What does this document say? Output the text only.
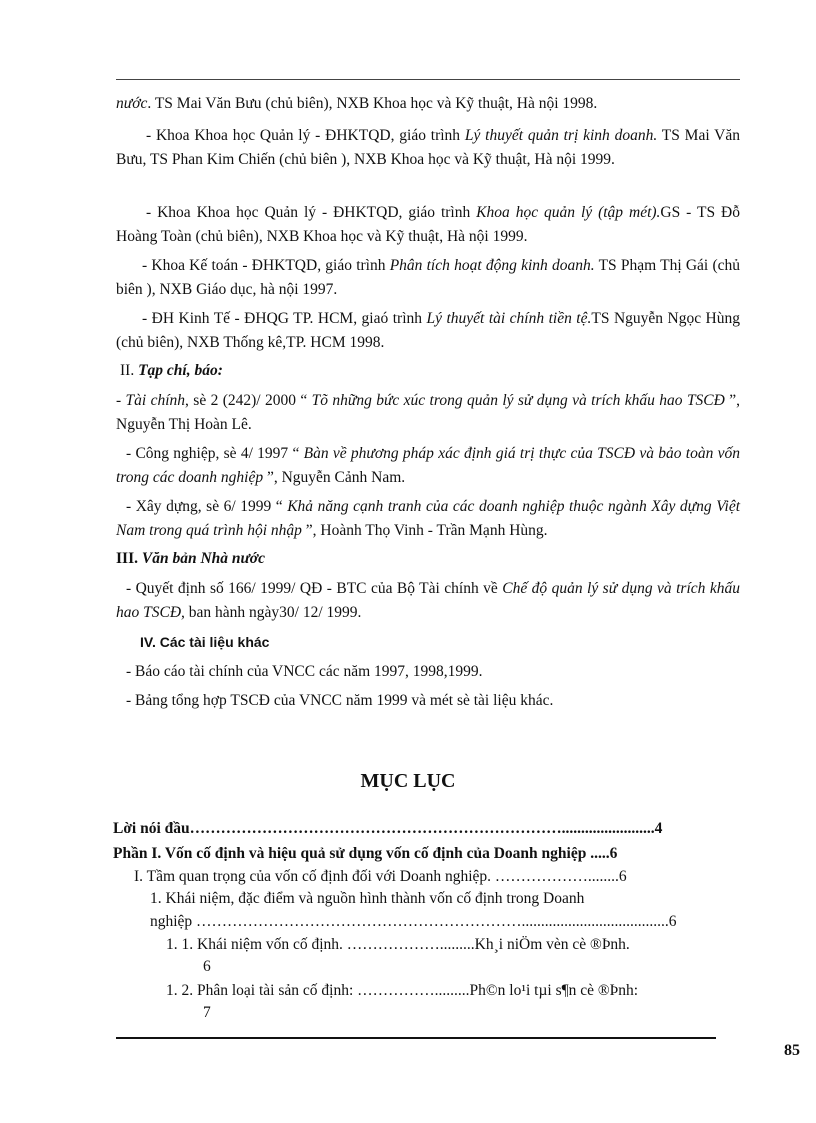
nước. TS Mai Văn Bưu (chủ biên), NXB Khoa học và Kỹ thuật, Hà nội 1998.
- Khoa Khoa học Quản lý - ĐHKTQD, giáo trình Lý thuyết quản trị kinh doanh. TS Mai Văn Bưu, TS Phan Kim Chiến (chủ biên ), NXB Khoa học và Kỹ thuật, Hà nội 1999.
- Khoa Khoa học Quản lý - ĐHKTQD, giáo trình Khoa học quản lý (tập mét).GS - TS Đỗ Hoàng Toàn (chủ biên), NXB Khoa học và Kỹ thuật, Hà nội 1999.
- Khoa Kế toán - ĐHKTQD, giáo trình Phân tích hoạt động kinh doanh. TS Phạm Thị Gái (chủ biên ), NXB Giáo dục, hà nội 1997.
- ĐH Kinh Tế - ĐHQG TP. HCM, giaó trình Lý thuyết tài chính tiền tệ.TS Nguyễn Ngọc Hùng (chủ biên), NXB Thống kê,TP. HCM 1998.
II. Tạp chí, báo:
- Tài chính, sè 2 (242)/ 2000 “ Tõ những bức xúc trong quản lý sử dụng và trích khấu hao TSCĐ ”, Nguyễn Thị Hoàn Lê.
- Công nghiệp, sè 4/ 1997 “ Bàn về phương pháp xác định giá trị thực của TSCĐ và bảo toàn vốn trong các doanh nghiệp ”, Nguyễn Cảnh Nam.
- Xây dựng, sè 6/ 1999 “ Khả năng cạnh tranh của các doanh nghiệp thuộc ngành Xây dựng Việt Nam trong quá trình hội nhập ”, Hoành Thọ Vinh - Trần Mạnh Hùng.
III. Văn bản Nhà nước
- Quyết định số 166/ 1999/ QĐ - BTC của Bộ Tài chính về Chế độ quản lý sử dụng và trích khấu hao TSCĐ, ban hành ngày30/ 12/ 1999.
IV. Các tài liệu khác
- Báo cáo tài chính của VNCC các năm 1997, 1998,1999.
- Bảng tổng hợp TSCĐ của VNCC năm 1999 và mét sè tài liệu khác.
MỤC LỤC
Lời nói đầu………………………………………………………………........................4
Phần I. Vốn cố định và hiệu quả sử dụng vốn cố định của Doanh nghiệp .....6
I. Tầm quan trọng của vốn cố định đối với Doanh nghiệp. ………………........6
1. Khái niệm, đặc điểm và nguồn hình thành vốn cố định trong Doanh
nghiệp ………………………………………………………......................................6
1. 1. Khái niệm vốn cố định. ……………….........Kh¸i niÖm vèn cè ®Þnh.
6
1. 2. Phân loại tài sản cố định: …………….........Ph©n lo¹i tµi s¶n cè ®Þnh:
7
85
